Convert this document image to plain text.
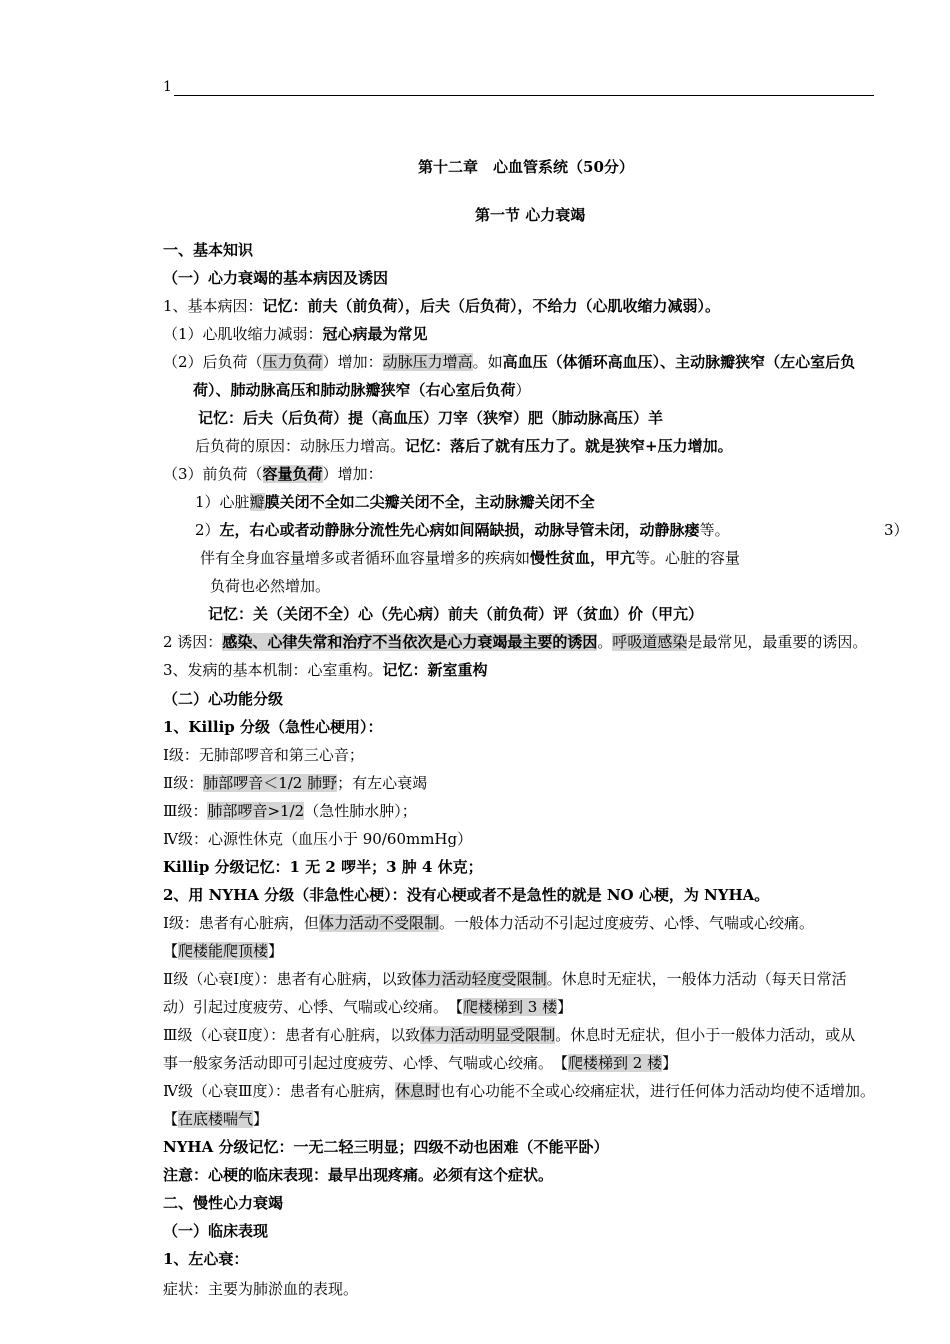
1
第十二章　心血管系统（50分）
第一节 心力衰竭
一、基本知识
（一）心力衰竭的基本病因及诱因
1、基本病因：记忆：前夫（前负荷），后夫（后负荷），不给力（心肌收缩力减弱）。
（1）心肌收缩力减弱：冠心病最为常见
（2）后负荷（压力负荷）增加：动脉压力增高。如高血压（体循环高血压）、主动脉瓣狭窄（左心室后负
荷）、肺动脉高压和肺动脉瓣狭窄（右心室后负荷）
记忆：后夫（后负荷）提（高血压）刀宰（狭窄）肥（肺动脉高压）羊
后负荷的原因：动脉压力增高。记忆：落后了就有压力了。就是狭窄+压力增加。
（3）前负荷（容量负荷）增加：
1）心脏瓣膜关闭不全如二尖瓣关闭不全，主动脉瓣关闭不全
2）左，右心或者动静脉分流性先心病如间隔缺损，动脉导管未闭，动静脉瘘等。	3）
伴有全身血容量增多或者循环血容量增多的疾病如慢性贫血，甲亢等。心脏的容量
负荷也必然增加。
记忆：关（关闭不全）心（先心病）前夫（前负荷）评（贫血）价（甲亢）
2 诱因：感染、心律失常和治疗不当依次是心力衰竭最主要的诱因。呼吸道感染是最常见，最重要的诱因。
3、发病的基本机制：心室重构。记忆：新室重构
（二）心功能分级
1、Killip 分级（急性心梗用）：
Ⅰ级：无肺部啰音和第三心音；
Ⅱ级：肺部啰音＜1/2 肺野；有左心衰竭
Ⅲ级：肺部啰音>1/2（急性肺水肿）；
Ⅳ级：心源性休克（血压小于 90/60mmHg）
Killip 分级记忆：1 无 2 啰半；3 肿 4 休克；
2、用 NYHA 分级（非急性心梗）：没有心梗或者不是急性的就是 NO 心梗，为 NYHA。
Ⅰ级：患者有心脏病，但体力活动不受限制。一般体力活动不引起过度疲劳、心悸、气喘或心绞痛。
【爬楼能爬顶楼】
Ⅱ级（心衰Ⅰ度）：患者有心脏病，以致体力活动轻度受限制。休息时无症状，一般体力活动（每天日常活
动）引起过度疲劳、心悸、气喘或心绞痛。　【爬楼梯到 3 楼】
Ⅲ级（心衰Ⅱ度）：患者有心脏病，以致体力活动明显受限制。休息时无症状，但小于一般体力活动，或从
事一般家务活动即可引起过度疲劳、心悸、气喘或心绞痛。　【爬楼梯到 2 楼】
Ⅳ级（心衰Ⅲ度）：患者有心脏病，休息时也有心功能不全或心绞痛症状，进行任何体力活动均使不适增加。
【在底楼喘气】
NYHA 分级记忆：一无二轻三明显；四级不动也困难（不能平卧）
注意：心梗的临床表现：最早出现疼痛。必须有这个症状。
二、慢性心力衰竭
（一）临床表现
1、左心衰：
症状：主要为肺淤血的表现。
